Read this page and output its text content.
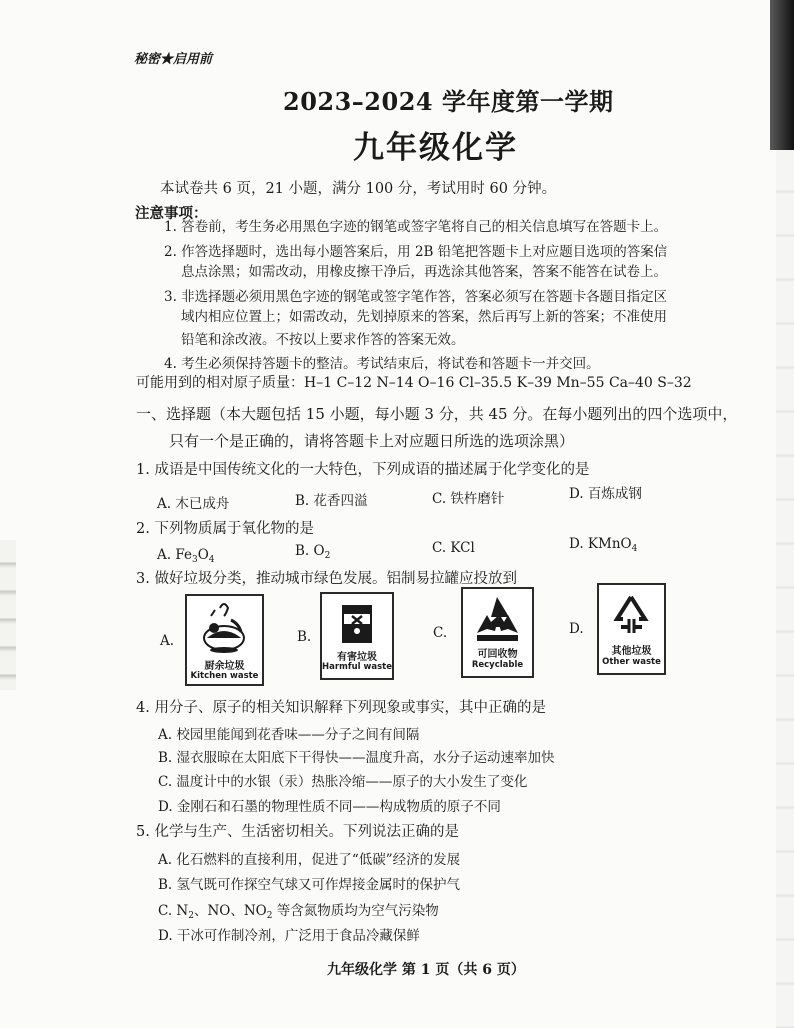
秘密★启用前
2023–2024 学年度第一学期
九年级化学
本试卷共 6 页，21 小题，满分 100 分，考试用时 60 分钟。
注意事项：
1. 答卷前，考生务必用黑色字迹的钢笔或签字笔将自己的相关信息填写在答题卡上。
2. 作答选择题时，选出每小题答案后，用 2B 铅笔把答题卡上对应题目选项的答案信
息点涂黑；如需改动，用橡皮擦干净后，再选涂其他答案，答案不能答在试卷上。
3. 非选择题必须用黑色字迹的钢笔或签字笔作答，答案必须写在答题卡各题目指定区
域内相应位置上；如需改动，先划掉原来的答案，然后再写上新的答案；不准使用
铅笔和涂改液。不按以上要求作答的答案无效。
4. 考生必须保持答题卡的整洁。考试结束后，将试卷和答题卡一并交回。
可能用到的相对原子质量：H–1 C–12 N–14 O–16 Cl–35.5 K–39 Mn–55 Ca–40 S–32
一、选择题（本大题包括 15 小题，每小题 3 分，共 45 分。在每小题列出的四个选项中，
只有一个是正确的，请将答题卡上对应题日所选的选项涂黑）
1. 成语是中国传统文化的一大特色，下列成语的描述属于化学变化的是
A. 木已成舟	B. 花香四溢	C. 铁杵磨针	D. 百炼成钢
2. 下列物质属于氧化物的是
A. $Fe_3O_4$
B. $O_2$	C. KCl	D. KMnO$_4$
3. 做好垃圾分类，推动城市绿色发展。铝制易拉罐应投放到
A.
厨余垃圾
Kitchen waste
B.
有害垃圾
Harmful waste
C.
可回收物
Recyclable
D.
其他垃圾
Other waste
4. 用分子、原子的相关知识解释下列现象或事实，其中正确的是
A. 校园里能闻到花香味——分子之间有间隔
B. 湿衣服晾在太阳底下干得快——温度升高，水分子运动速率加快
C. 温度计中的水银（汞）热胀冷缩——原子的大小发生了变化
D. 金刚石和石墨的物理性质不同——构成物质的原子不同
5. 化学与生产、生活密切相关。下列说法正确的是
A. 化石燃料的直接利用，促进了“低碳”经济的发展
B. 氢气既可作探空气球又可作焊接金属时的保护气
C. $N_2$、NO、$NO_2$ 等含氮物质均为空气污染物
D. 干冰可作制冷剂，广泛用于食品冷藏保鲜
九年级化学 第 1 页（共 6 页）
